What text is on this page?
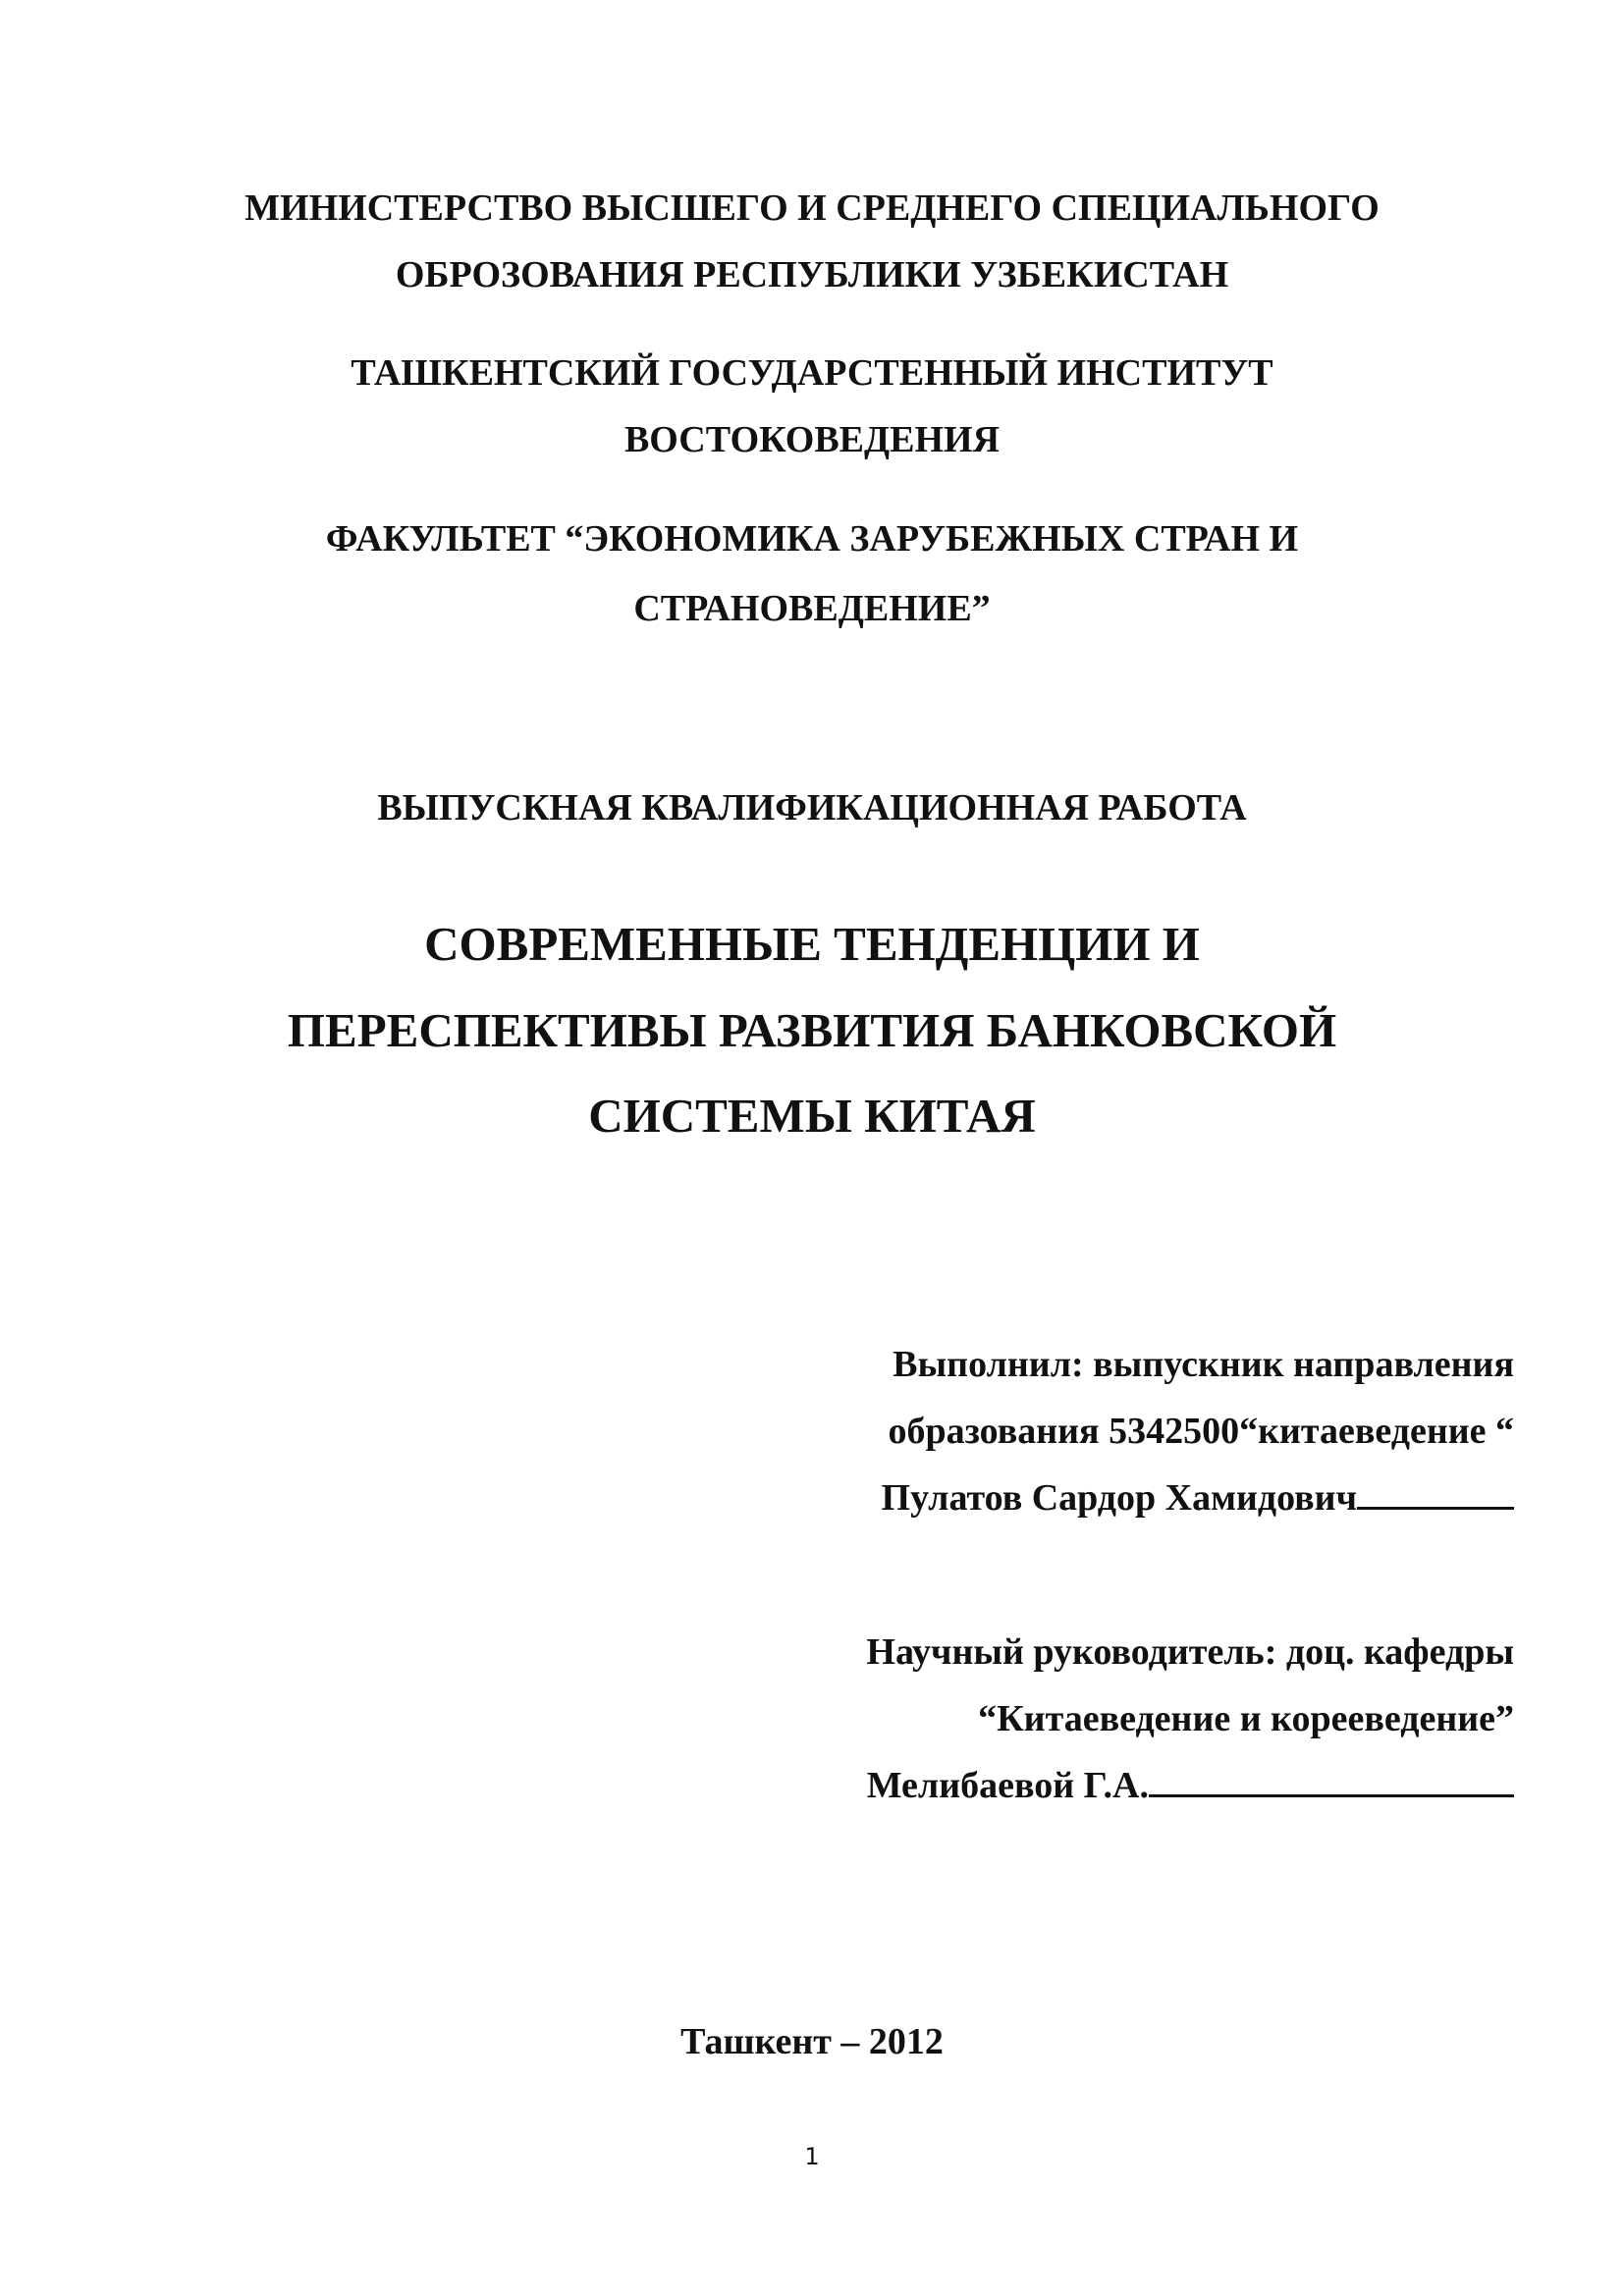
МИНИСТЕРСТВО ВЫСШЕГО И СРЕДНЕГО СПЕЦИАЛЬНОГО
ОБРОЗОВАНИЯ РЕСПУБЛИКИ УЗБЕКИСТАН
ТАШКЕНТСКИЙ ГОСУДАРСТЕННЫЙ ИНСТИТУТ
ВОСТОКОВЕДЕНИЯ
ФАКУЛЬТЕТ “ЭКОНОМИКА ЗАРУБЕЖНЫХ СТРАН И
СТРАНОВЕДЕНИЕ”
ВЫПУСКНАЯ КВАЛИФИКАЦИОННАЯ РАБОТА
СОВРЕМЕННЫЕ ТЕНДЕНЦИИ И
ПЕРЕСПЕКТИВЫ РАЗВИТИЯ БАНКОВСКОЙ
СИСТЕМЫ КИТАЯ
Выполнил: выпускник направления
образования 5342500“китаеведение “
Пулатов Сардор Хамидович
Научный руководитель: доц. кафедры
“Китаеведение и корееведение”
Мелибаевой Г.А.
Ташкент – 2012
1
